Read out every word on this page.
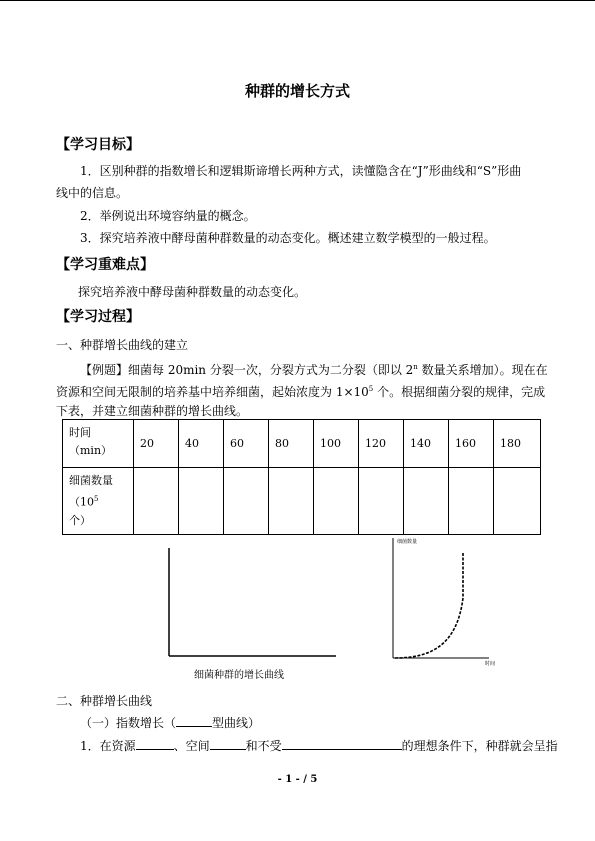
种群的增长方式
【学习目标】
1．区别种群的指数增长和逻辑斯谛增长两种方式，读懂隐含在“J”形曲线和“S”形曲
线中的信息。
2．举例说出环境容纳量的概念。
3．探究培养液中酵母菌种群数量的动态变化。概述建立数学模型的一般过程。
【学习重难点】
探究培养液中酵母菌种群数量的动态变化。
【学习过程】
一、种群增长曲线的建立
【例题】细菌每 20min 分裂一次，分裂方式为二分裂（即以 2$^n$ 数量关系增加）。现在在
资源和空间无限制的培养基中培养细菌，起始浓度为 $1\times 10^5$ 个。根据细菌分裂的规律，完成
下表，并建立细菌种群的增长曲线。
时间
（min）	20	40	60	80	100	120	140	160	180

细菌数量
（$10^5$
个）									

细菌种群的增长曲线
细菌数量
时间
二、种群增长曲线
（一）指数增长（	型曲线）
1．在资源	、空间	和不受	的理想条件下，种群就会呈指
- 1 - / 5
